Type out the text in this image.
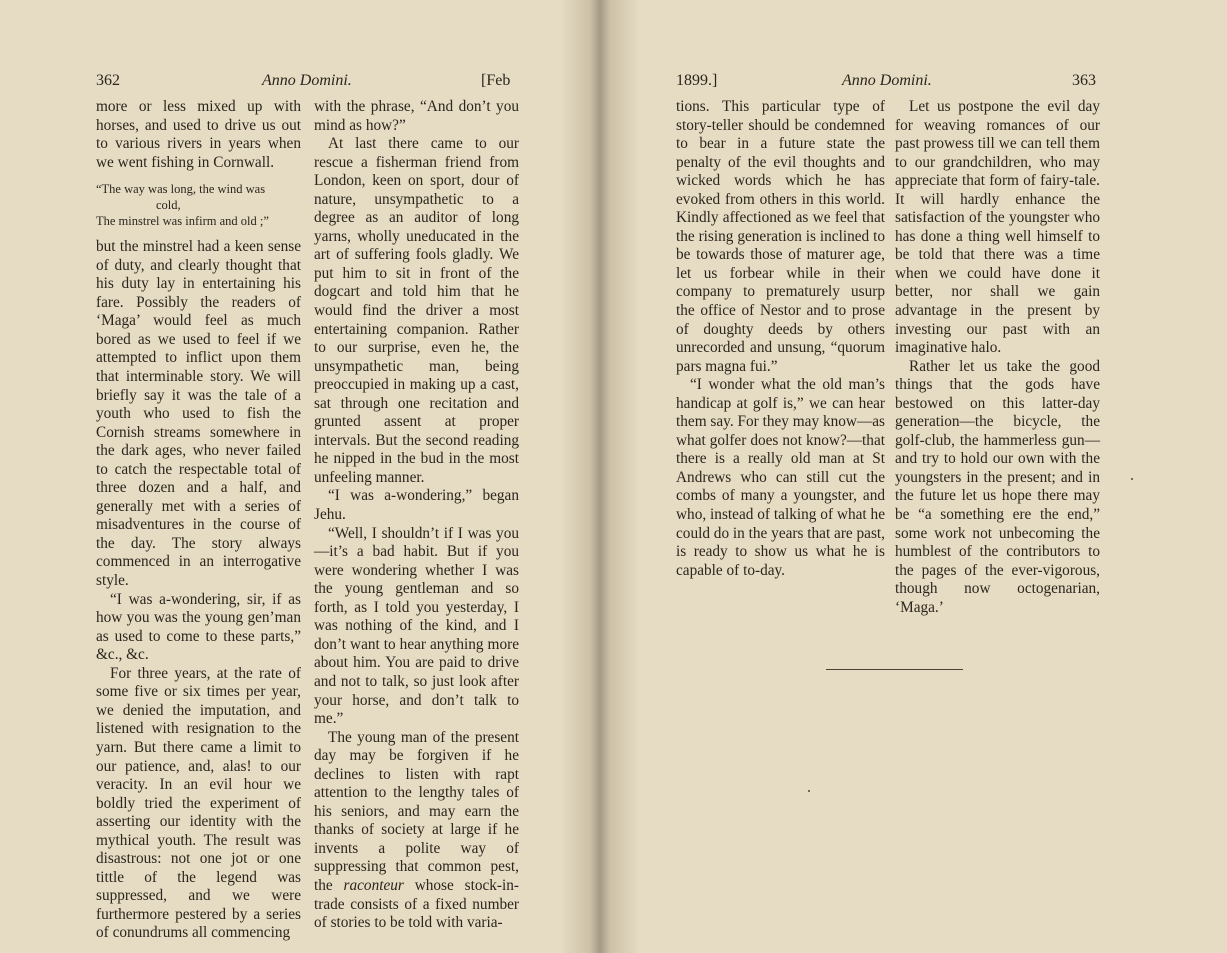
362	Anno Domini.	[Feb

more or less mixed up with horses, and used to drive us out to various rivers in years when we went fishing in Cornwall.

“The way was long, the wind was
cold,
The minstrel was infirm and old ;”

but the minstrel had a keen sense of duty, and clearly thought that his duty lay in entertaining his fare. Possibly the readers of ‘Maga’ would feel as much bored as we used to feel if we attempted to inflict upon them that interminable story. We will briefly say it was the tale of a youth who used to fish the Cornish streams somewhere in the dark ages, who never failed to catch the respectable total of three dozen and a half, and generally met with a series of misadventures in the course of the day. The story always commenced in an interrogative style.

“I was a-wondering, sir, if as how you was the young gen’man as used to come to these parts,” &c., &c.

For three years, at the rate of some five or six times per year, we denied the imputation, and listened with resignation to the yarn. But there came a limit to our patience, and, alas! to our veracity. In an evil hour we boldly tried the experiment of asserting our identity with the mythical youth. The result was disastrous: not one jot or one tittle of the legend was suppressed, and we were furthermore pestered by a series of conundrums all commencing

with the phrase, “And don’t you mind as how?”

At last there came to our rescue a fisherman friend from London, keen on sport, dour of nature, unsympathetic to a degree as an auditor of long yarns, wholly uneducated in the art of suffering fools gladly. We put him to sit in front of the dogcart and told him that he would find the driver a most entertaining companion. Rather to our surprise, even he, the unsympathetic man, being preoccupied in making up a cast, sat through one recitation and grunted assent at proper intervals. But the second reading he nipped in the bud in the most unfeeling manner.

“I was a-wondering,” began Jehu.

“Well, I shouldn’t if I was you—it’s a bad habit. But if you were wondering whether I was the young gentleman and so forth, as I told you yesterday, I was nothing of the kind, and I don’t want to hear anything more about him. You are paid to drive and not to talk, so just look after your horse, and don’t talk to me.”

The young man of the present day may be forgiven if he declines to listen with rapt attention to the lengthy tales of his seniors, and may earn the thanks of society at large if he invents a polite way of suppressing that common pest, the raconteur whose stock-in-trade consists of a fixed number of stories to be told with varia-

1899.]	Anno Domini.	363

tions. This particular type of story-teller should be condemned to bear in a future state the penalty of the evil thoughts and wicked words which he has evoked from others in this world. Kindly affectioned as we feel that the rising generation is inclined to be towards those of maturer age, let us forbear while in their company to prematurely usurp the office of Nestor and to prose of doughty deeds by others unrecorded and unsung, “quorum pars magna fui.”

“I wonder what the old man’s handicap at golf is,” we can hear them say. For they may know—as what golfer does not know?—that there is a really old man at St Andrews who can still cut the combs of many a youngster, and who, instead of talking of what he could do in the years that are past, is ready to show us what he is capable of to-day.

Let us postpone the evil day for weaving romances of our past prowess till we can tell them to our grandchildren, who may appreciate that form of fairy-tale. It will hardly enhance the satisfaction of the youngster who has done a thing well himself to be told that there was a time when we could have done it better, nor shall we gain advantage in the present by investing our past with an imaginative halo.

Rather let us take the good things that the gods have bestowed on this latter-day generation—the bicycle, the golf-club, the hammerless gun—and try to hold our own with the youngsters in the present; and in the future let us hope there may be “a something ere the end,” some work not unbecoming the humblest of the contributors to the pages of the ever-vigorous, though now octogenarian, ‘Maga.’
